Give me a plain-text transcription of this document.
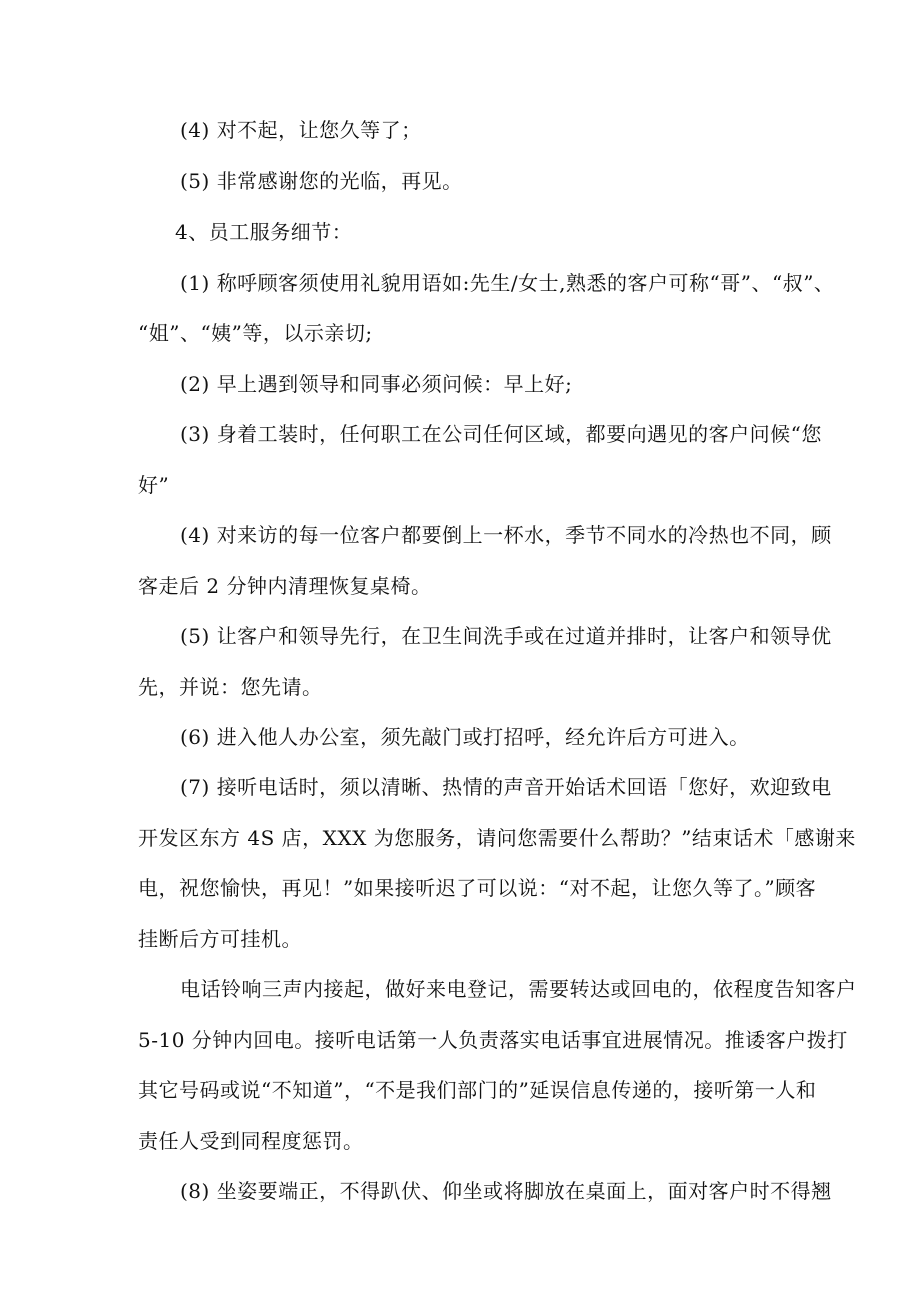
(4) 对不起，让您久等了；
(5) 非常感谢您的光临，再见。
4、员工服务细节：
(1) 称呼顾客须使用礼貌用语如:先生/女士,熟悉的客户可称“哥”、“叔”、
“姐”、“姨”等，以示亲切;
(2) 早上遇到领导和同事必须问候：早上好;
(3) 身着工装时，任何职工在公司任何区域，都要向遇见的客户问候“您
好”
(4) 对来访的每一位客户都要倒上一杯水，季节不同水的冷热也不同，顾
客走后 2 分钟内清理恢复桌椅。
(5) 让客户和领导先行，在卫生间洗手或在过道并排时，让客户和领导优
先，并说：您先请。
(6) 进入他人办公室，须先敲门或打招呼，经允许后方可进入。
(7) 接听电话时，须以清晰、热情的声音开始话术回语「您好，欢迎致电
开发区东方 4S 店，XXX 为您服务，请问您需要什么帮助？”结束话术「感谢来
电，祝您愉快，再见！”如果接听迟了可以说：“对不起，让您久等了。”顾客
挂断后方可挂机。
电话铃响三声内接起，做好来电登记，需要转达或回电的，依程度告知客户
5-10 分钟内回电。接听电话第一人负责落实电话事宜进展情况。推诿客户拨打
其它号码或说“不知道”，“不是我们部门的”延误信息传递的，接听第一人和
责任人受到同程度惩罚。
(8) 坐姿要端正，不得趴伏、仰坐或将脚放在桌面上，面对客户时不得翘
